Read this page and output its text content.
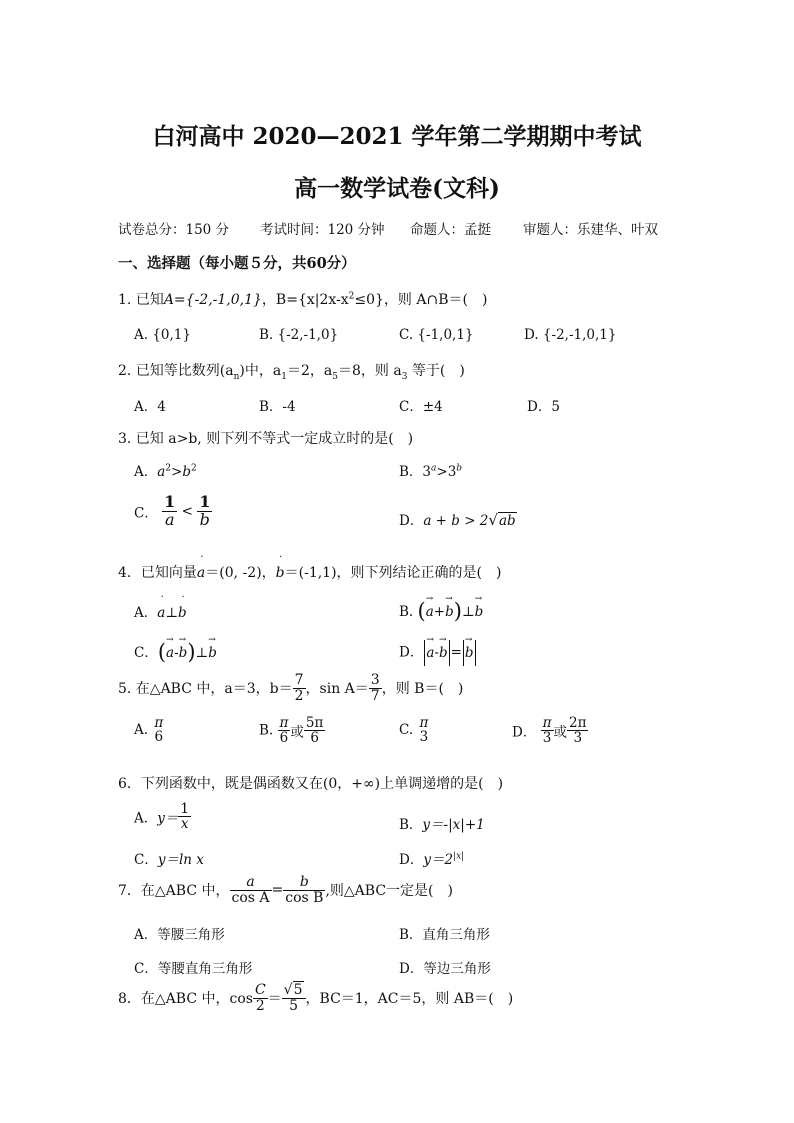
白河高中 2020—2021 学年第二学期期中考试
高一数学试卷(文科)
试卷总分：150 分 考试时间：120 分钟 命题人：孟挺 审题人：乐建华、叶双
一、选择题（每小题５分，共60分）
1. 已知A={-2,-1,0,1}，$B=\{x|2x-x^2\le 0\}$，则 A∩B＝(　)
A. {0,1}	B. {-2,-1,0}	C. {-1,0,1}	D. {-2,-1,0,1}
2. 已知等比数列$(a_n)$中，$a_1=2$，$a_5=8$，则 $a_3$ 等于(　)
A．4	B．-4	C．±4	D．5
3. 已知 a>b, 则下列不等式一定成立时的是(　)
A．$a^2>b^2$	B．$3^a>3^b$
C． $\frac{1}{a} < \frac{1}{b}$	D．a + b > 2√ab
4．已知向量˙ a＝(0, -2)，˙ b＝(-1,1)，则下列结论正确的是(　)
A．˙ a⊥˙ b	B. (→ a+→ b)⊥→ b
C．(→ a-→ b)⊥→ b	D． → a-→ b = → b
5. 在△ABC 中，a＝3，$b= \frac{7}{2}$ ，$\sin A= \frac{3}{7}$ ，则 B＝(　)
A. π
6	B. $\frac{\pi}{6}$ 或 $\frac{5\pi}{6}$	C. π
3	D． $\frac{\pi}{3}$ 或 $\frac{2\pi}{3}$
6．下列函数中，既是偶函数又在(0，+∞)上单调递增的是(　)
A．$y= \frac{1}{x}$	B．y＝-|x|+1
C．y＝ln x	D．$y=2^{|x|}$
7．在△ABC 中， $\frac{a}{\text{cos A}} = \frac{b}{\text{cos B}}$ ,则△ABC一定是(　)
A．等腰三角形	B．直角三角形
C．等腰直角三角形	D．等边三角形
8．在△ABC 中，$\cos \frac{C}{2} = \frac{√5}{5}$ ，BC＝1，AC＝5，则 AB＝(　)
